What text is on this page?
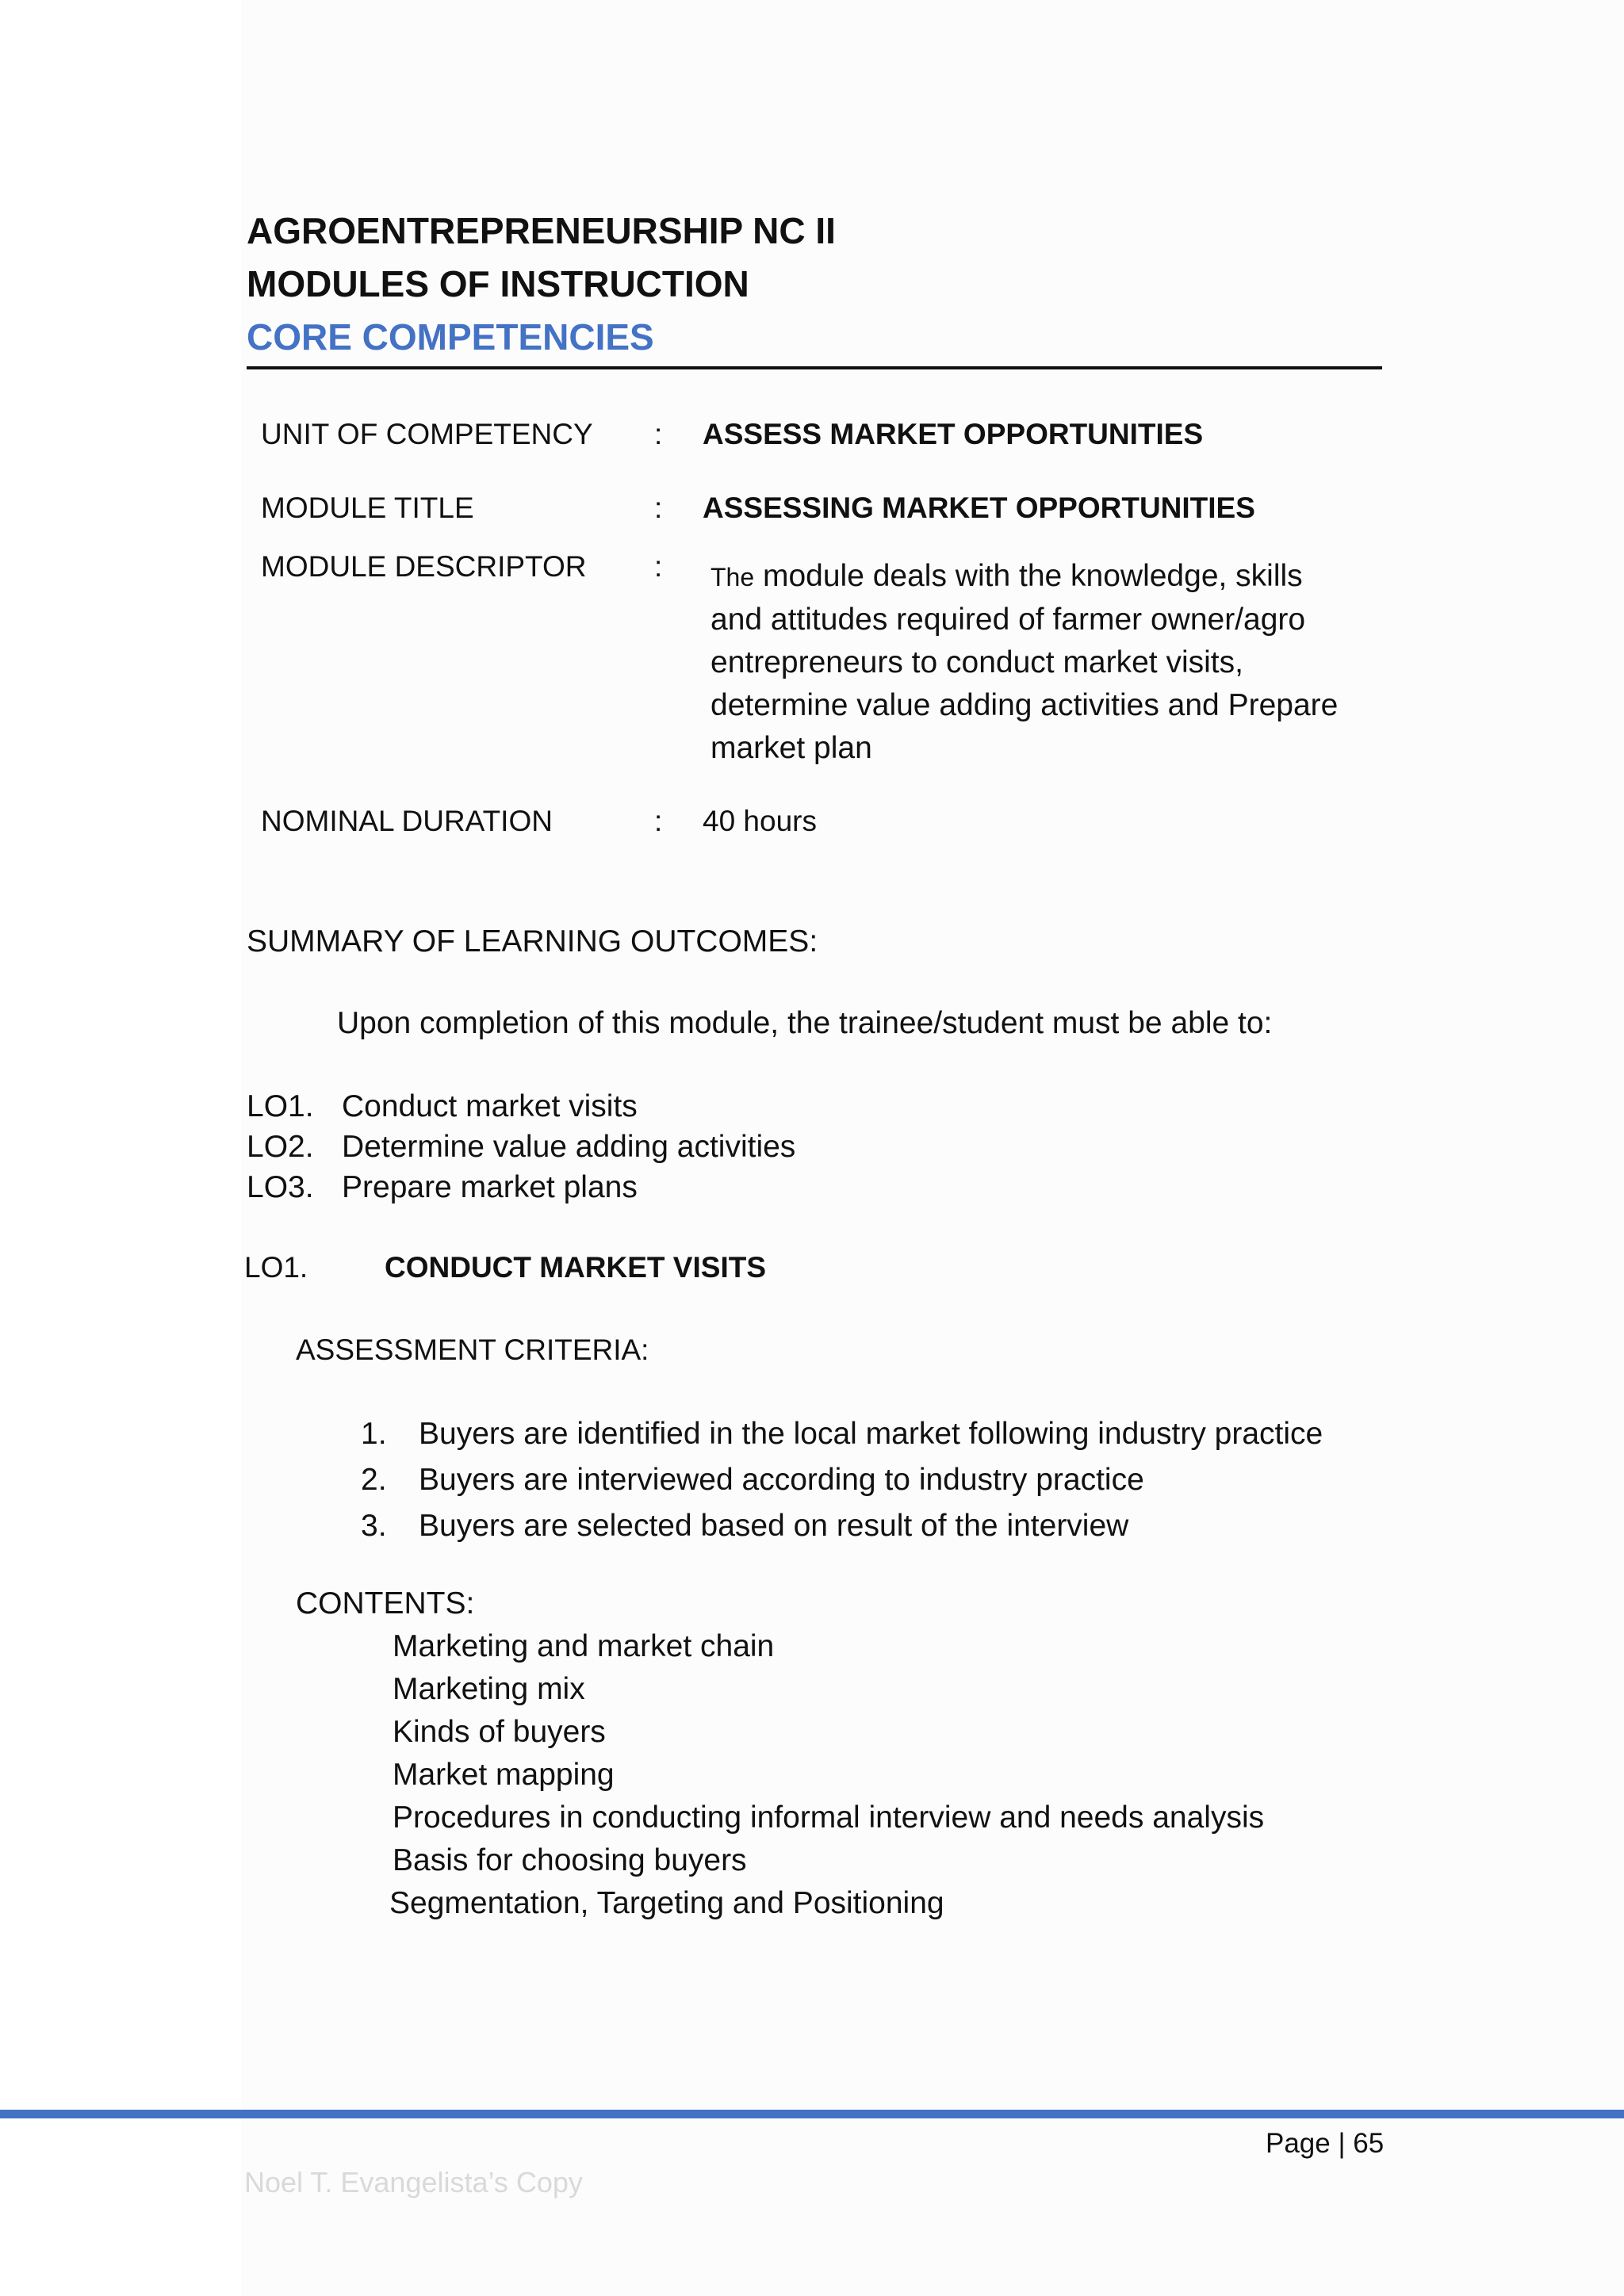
AGROENTREPRENEURSHIP NC II
MODULES OF INSTRUCTION
CORE COMPETENCIES
UNIT OF COMPETENCY : ASSESS MARKET OPPORTUNITIES
MODULE TITLE	: ASSESSING MARKET OPPORTUNITIES
MODULE DESCRIPTOR : The module deals with the knowledge, skills and attitudes required of farmer owner/agro entrepreneurs to conduct market visits, determine value adding activities and Prepare market plan
NOMINAL DURATION	: 40 hours
SUMMARY OF LEARNING OUTCOMES:
Upon completion of this module, the trainee/student must be able to:
LO1. Conduct market visits
LO2. Determine value adding activities
LO3. Prepare market plans
LO1.	CONDUCT MARKET VISITS
ASSESSMENT CRITERIA:
1. Buyers are identified in the local market following industry practice
2. Buyers are interviewed according to industry practice
3. Buyers are selected based on result of the interview
CONTENTS:
Marketing and market chain
Marketing mix
Kinds of buyers
Market mapping
Procedures in conducting informal interview and needs analysis
Basis for choosing buyers
Segmentation, Targeting and Positioning
Page | 65
Noel T. Evangelista’s Copy
